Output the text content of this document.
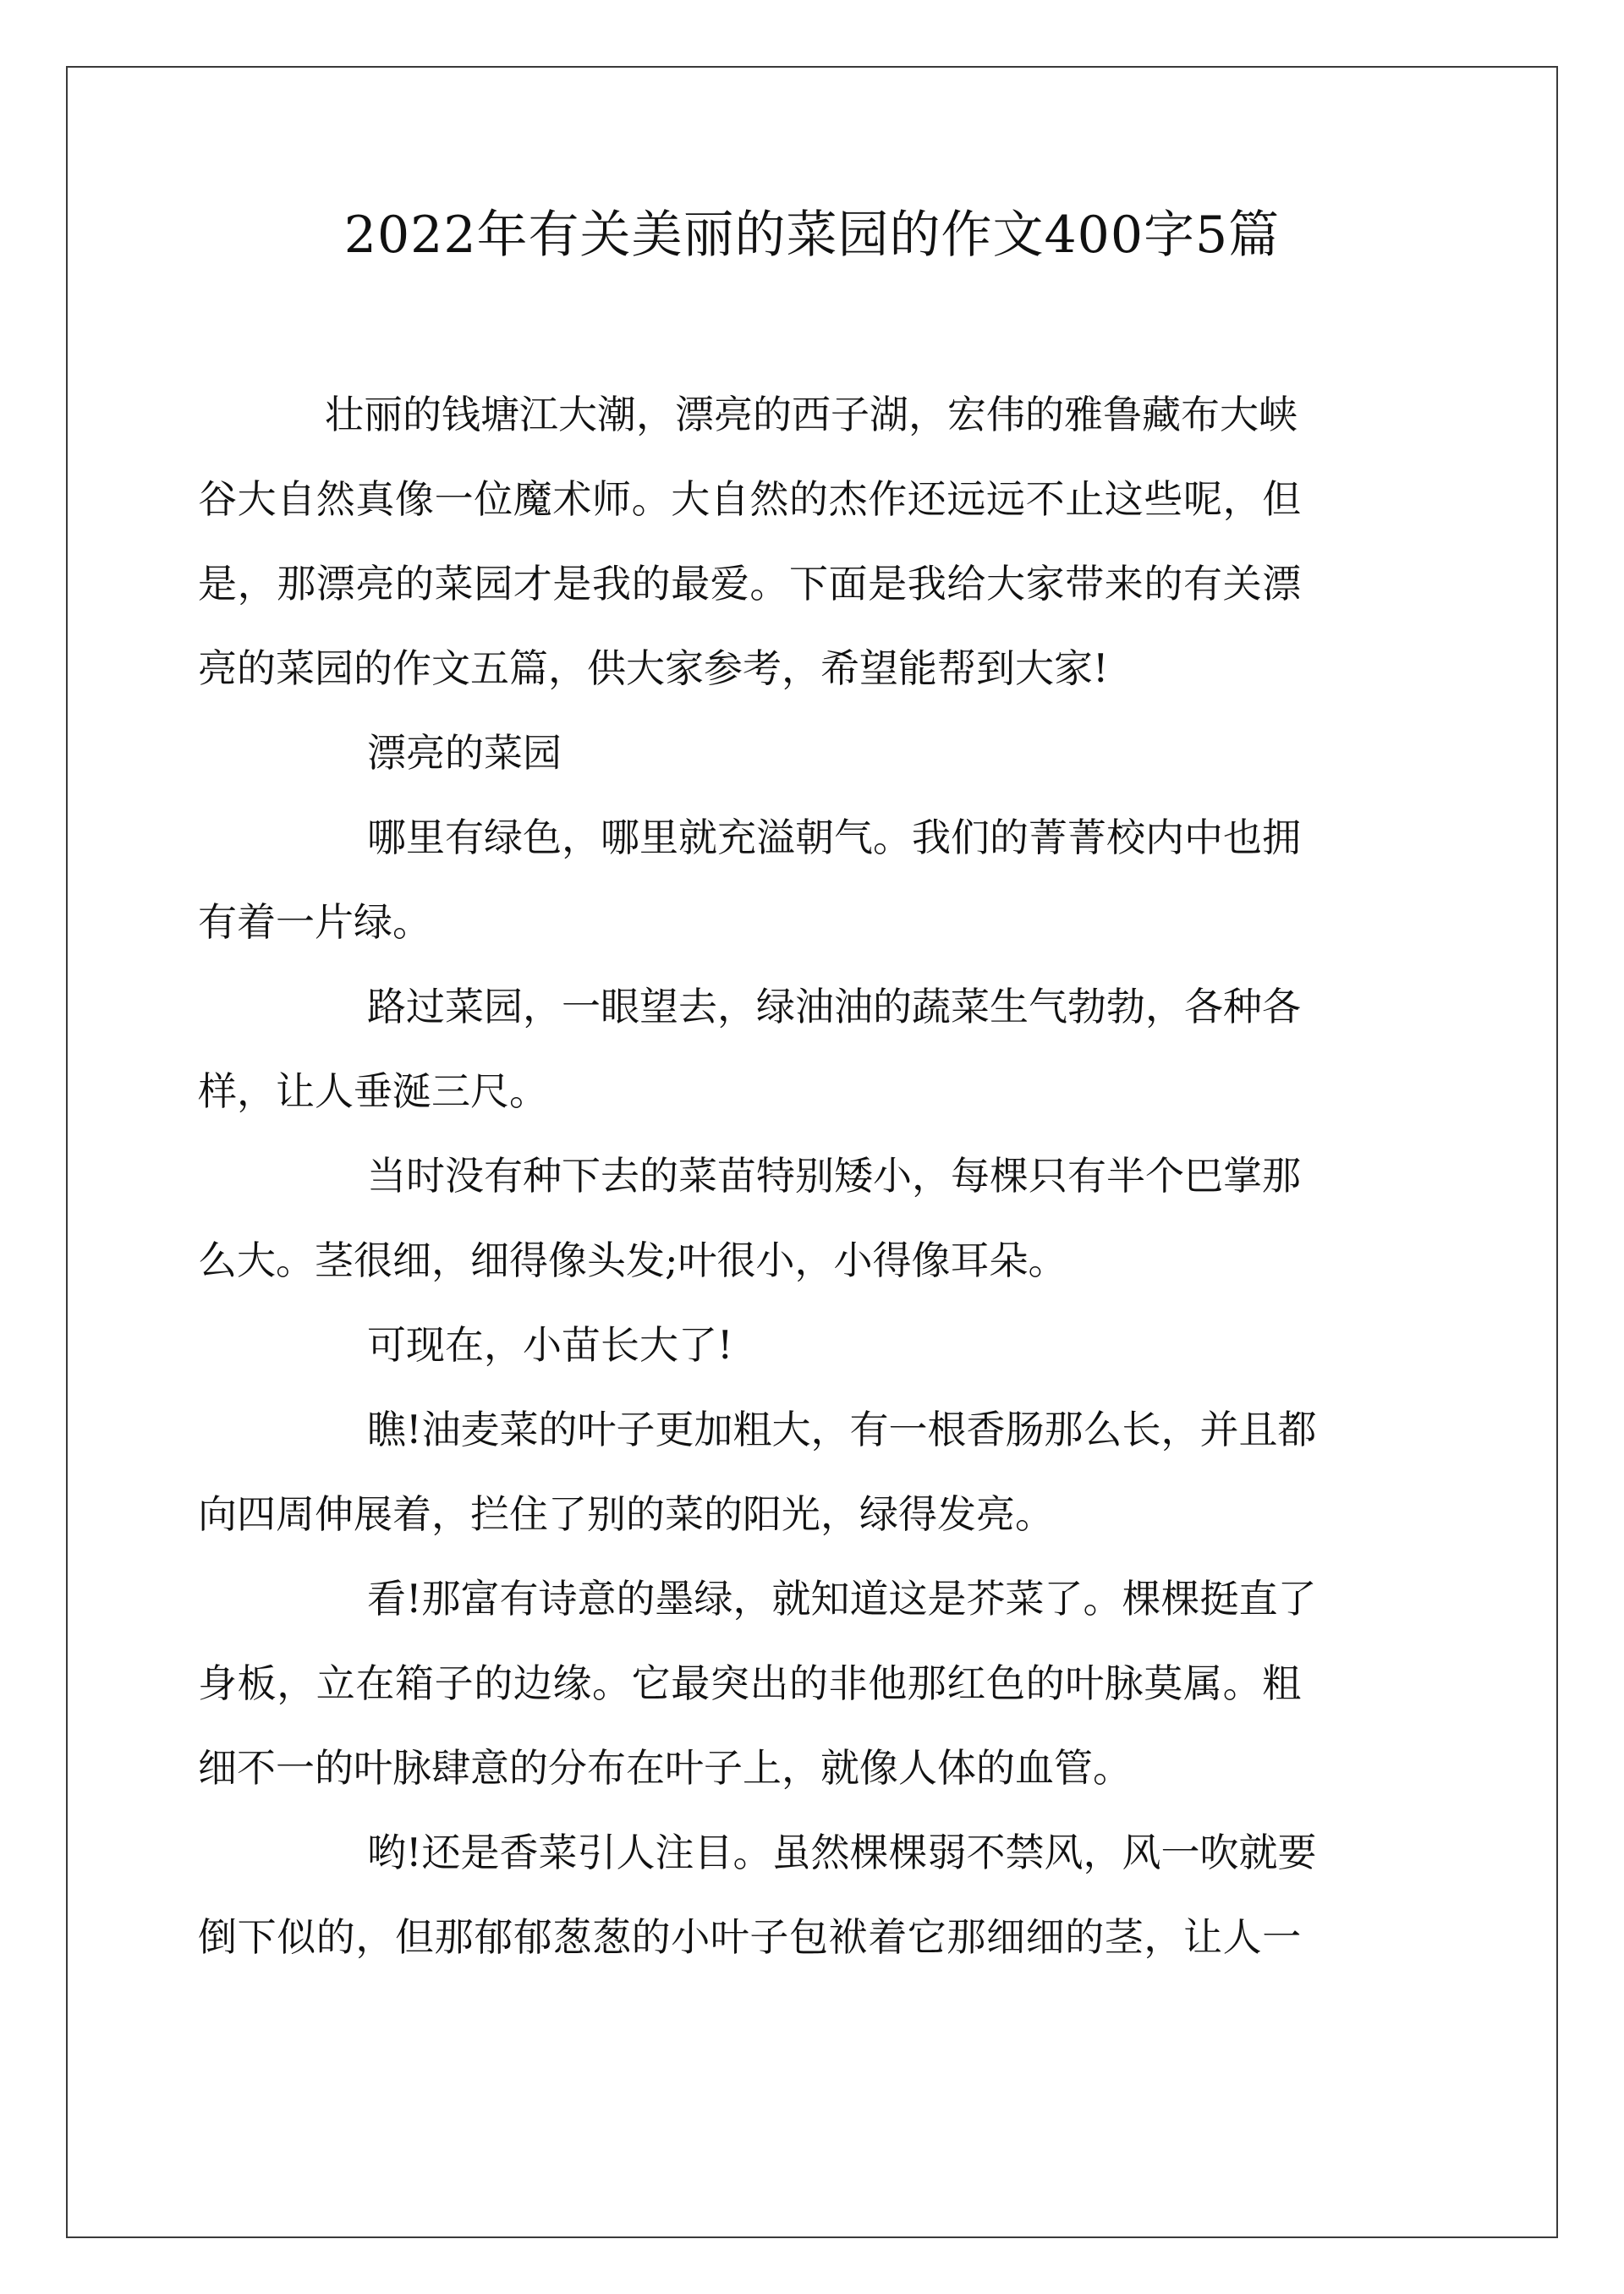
2022年有关美丽的菜园的作文400字5篇
壮丽的钱塘江大潮，漂亮的西子湖，宏伟的雅鲁藏布大峡
谷大自然真像一位魔术师。大自然的杰作还远远不止这些呢，但
是，那漂亮的菜园才是我的最爱。下面是我给大家带来的有关漂
亮的菜园的作文五篇，供大家参考，希望能帮到大家!
漂亮的菜园
哪里有绿色，哪里就充溢朝气。我们的菁菁校内中也拥
有着一片绿。
路过菜园，一眼望去，绿油油的蔬菜生气勃勃，各种各
样，让人垂涎三尺。
当时没有种下去的菜苗特别矮小，每棵只有半个巴掌那
么大。茎很细，细得像头发;叶很小，小得像耳朵。
可现在，小苗长大了!
瞧!油麦菜的叶子更加粗大，有一根香肠那么长，并且都
向四周伸展着，拦住了别的菜的阳光，绿得发亮。
看!那富有诗意的墨绿，就知道这是芥菜了。棵棵挺直了
身板，立在箱子的边缘。它最突出的非他那红色的叶脉莫属。粗
细不一的叶脉肆意的分布在叶子上，就像人体的血管。
哟!还是香菜引人注目。虽然棵棵弱不禁风，风一吹就要
倒下似的，但那郁郁葱葱的小叶子包袱着它那细细的茎，让人一
